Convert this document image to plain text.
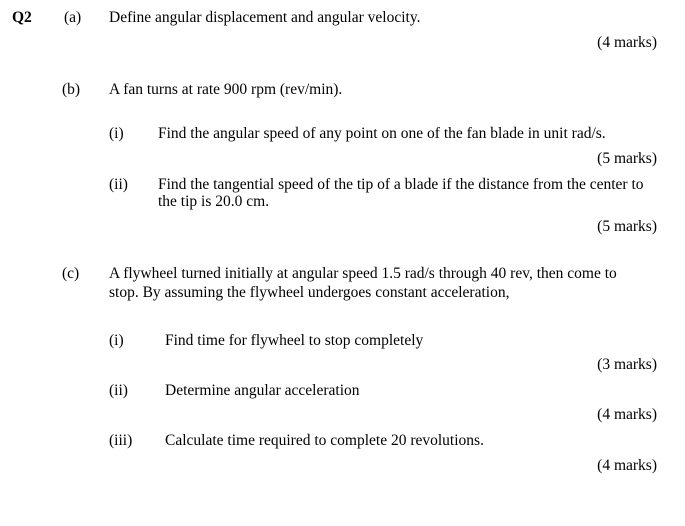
Q2 (a) Define angular displacement and angular velocity.
(4 marks)
(b) A fan turns at rate 900 rpm (rev/min).
(i) Find the angular speed of any point on one of the fan blade in unit rad/s.
(5 marks)
(ii) Find the tangential speed of the tip of a blade if the distance from the center to
the tip is 20.0 cm.
(5 marks)
(c) A flywheel turned initially at angular speed 1.5 rad/s through 40 rev, then come to
stop. By assuming the flywheel undergoes constant acceleration,
(i)	Find time for flywheel to stop completely
(3 marks)
(ii) Determine angular acceleration
(4 marks)
(iii) Calculate time required to complete 20 revolutions.
(4 marks)
